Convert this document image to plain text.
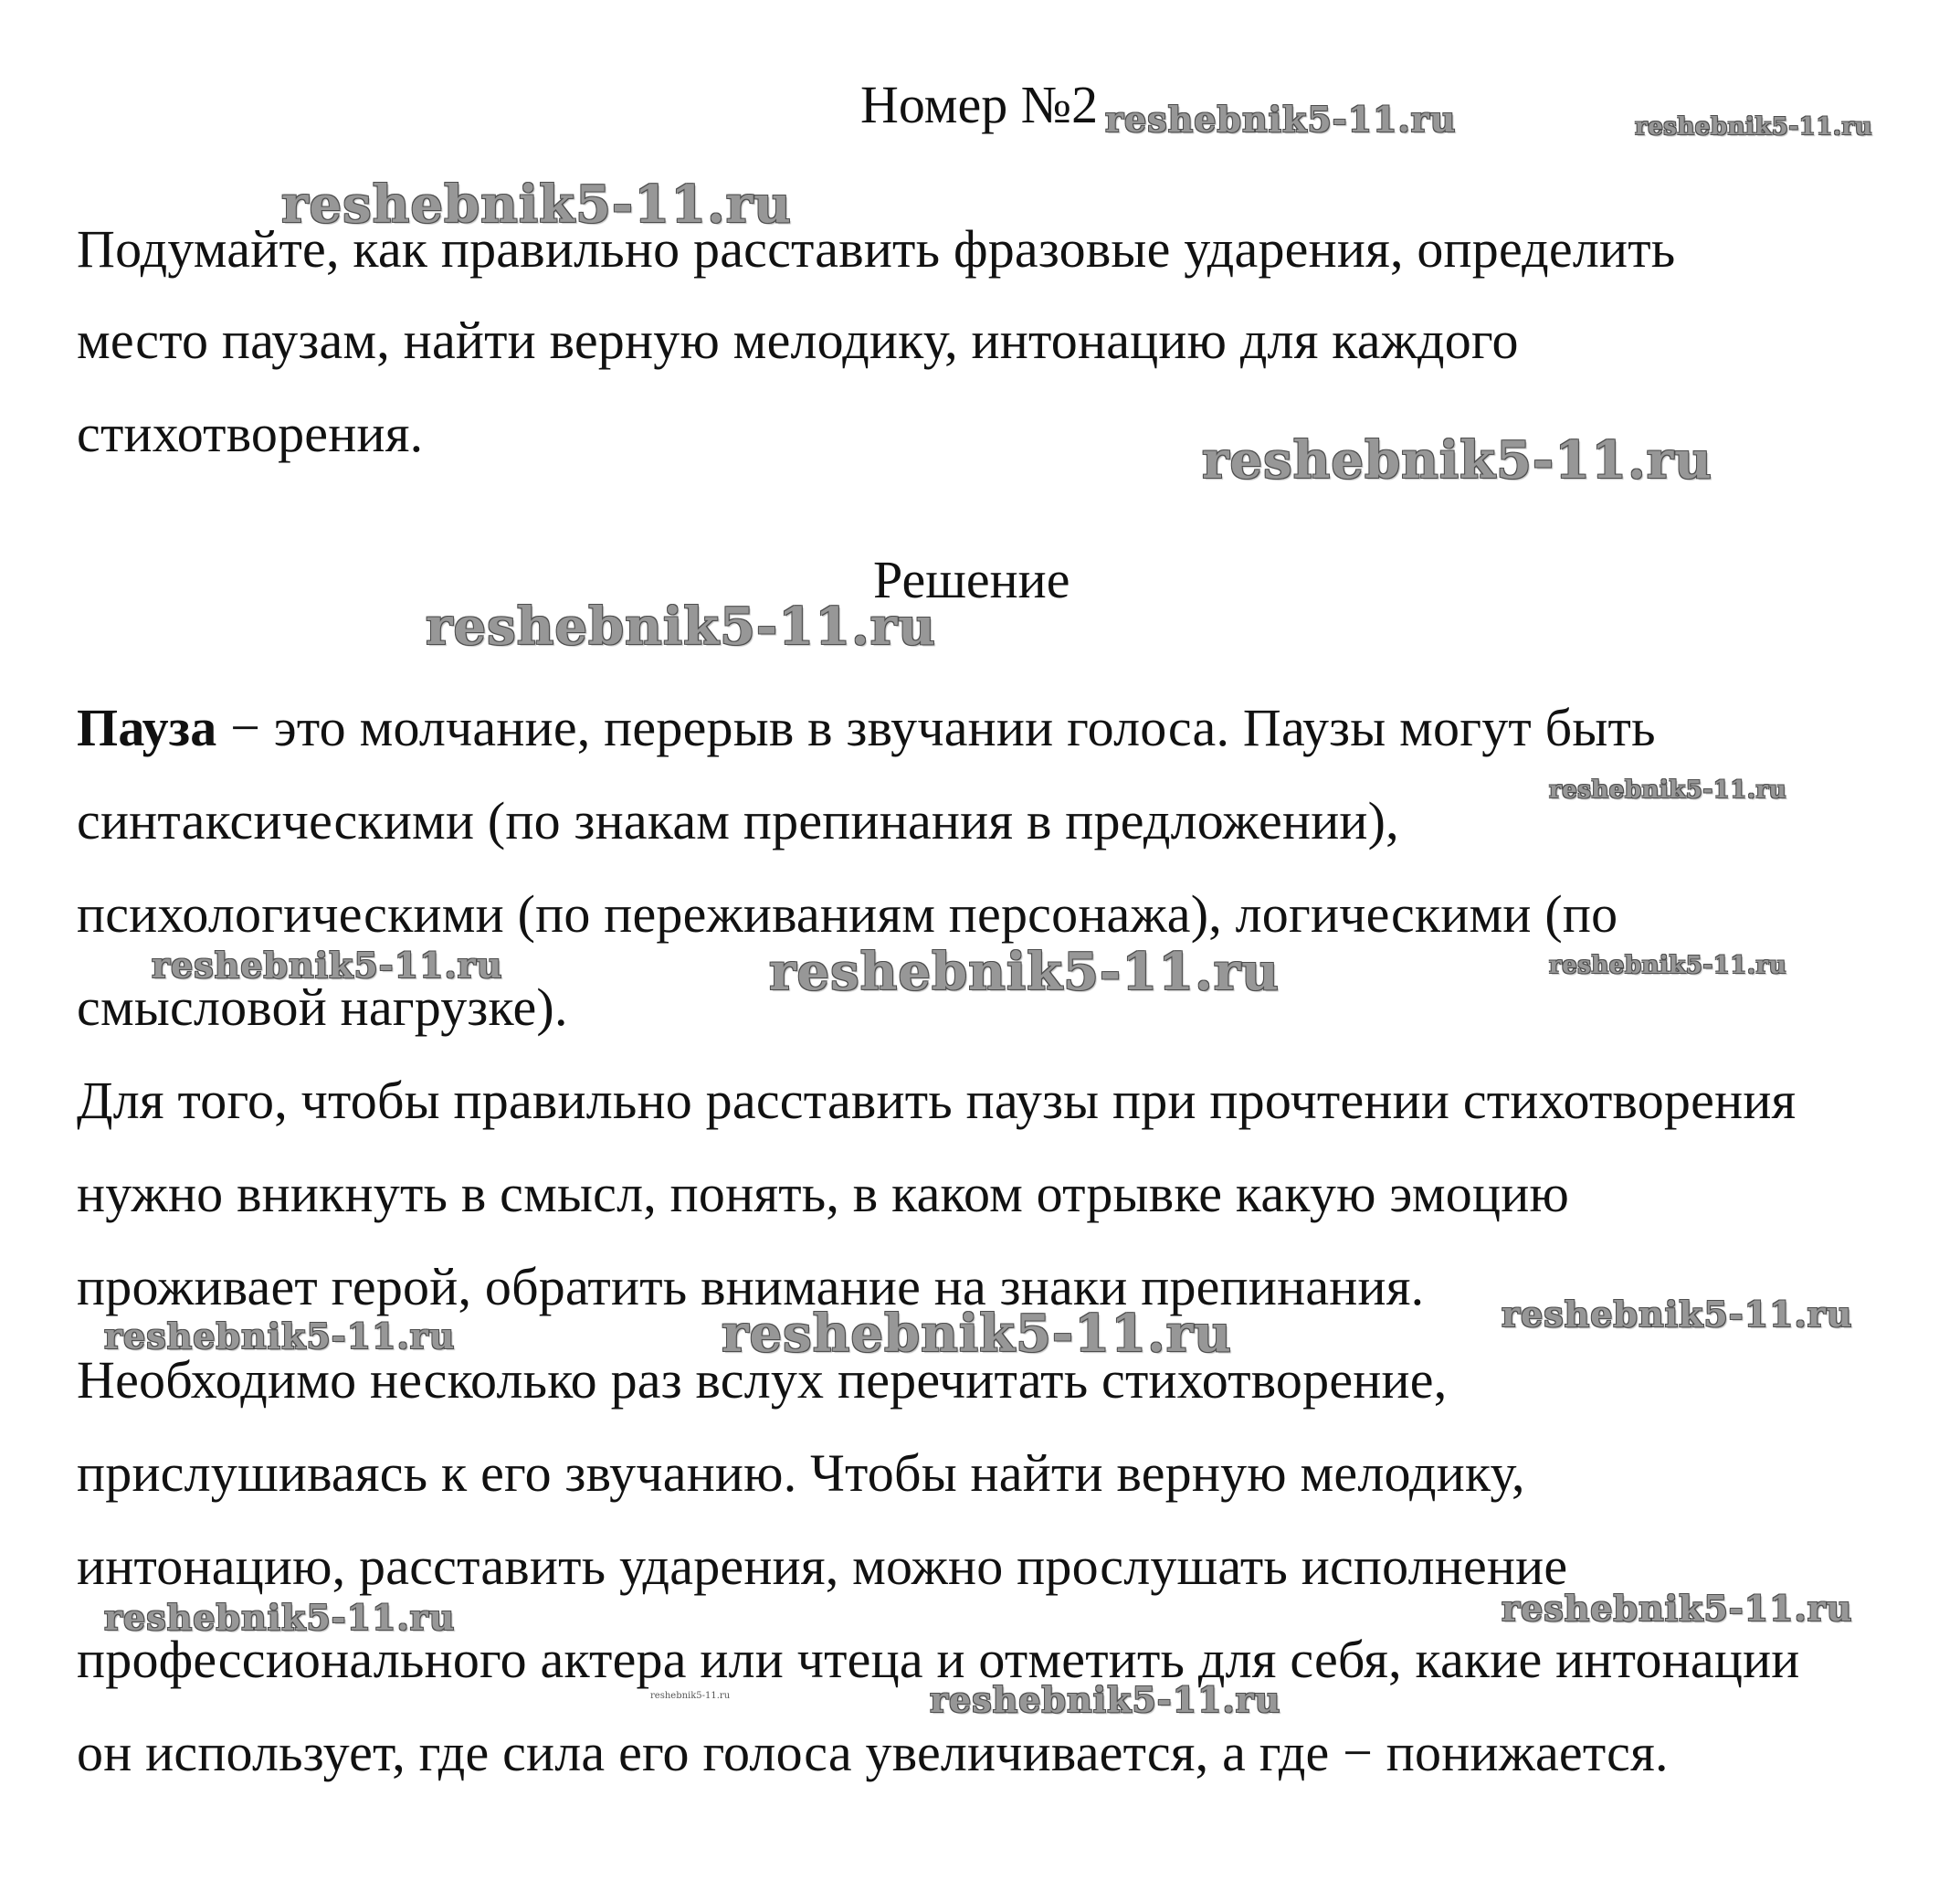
Номер №2
Подумайте, как правильно расставить фразовые ударения, определить
место паузам, найти верную мелодику, интонацию для каждого
стихотворения.
Решение
Пауза − это молчание, перерыв в звучании голоса. Паузы могут быть
синтаксическими (по знакам препинания в предложении),
психологическими (по переживаниям персонажа), логическими (по
смысловой нагрузке).
Для того, чтобы правильно расставить паузы при прочтении стихотворения
нужно вникнуть в смысл, понять, в каком отрывке какую эмоцию
проживает герой, обратить внимание на знаки препинания.
Необходимо несколько раз вслух перечитать стихотворение,
прислушиваясь к его звучанию. Чтобы найти верную мелодику,
интонацию, расставить ударения, можно прослушать исполнение
профессионального актера или чтеца и отметить для себя, какие интонации
он использует, где сила его голоса увеличивается, а где − понижается.
reshebnik5-11.ru	reshebnik5-11.ru
reshebnik5-11.ru
reshebnik5-11.ru
reshebnik5-11.ru
reshebnik5-11.ru
reshebnik5-11.ru	reshebnik5-11.ru	reshebnik5-11.ru
reshebnik5-11.ru
reshebnik5-11.ru	reshebnik5-11.ru
reshebnik5-11.ru	reshebnik5-11.ru
reshebnik5-11.ru	reshebnik5-11.ru
